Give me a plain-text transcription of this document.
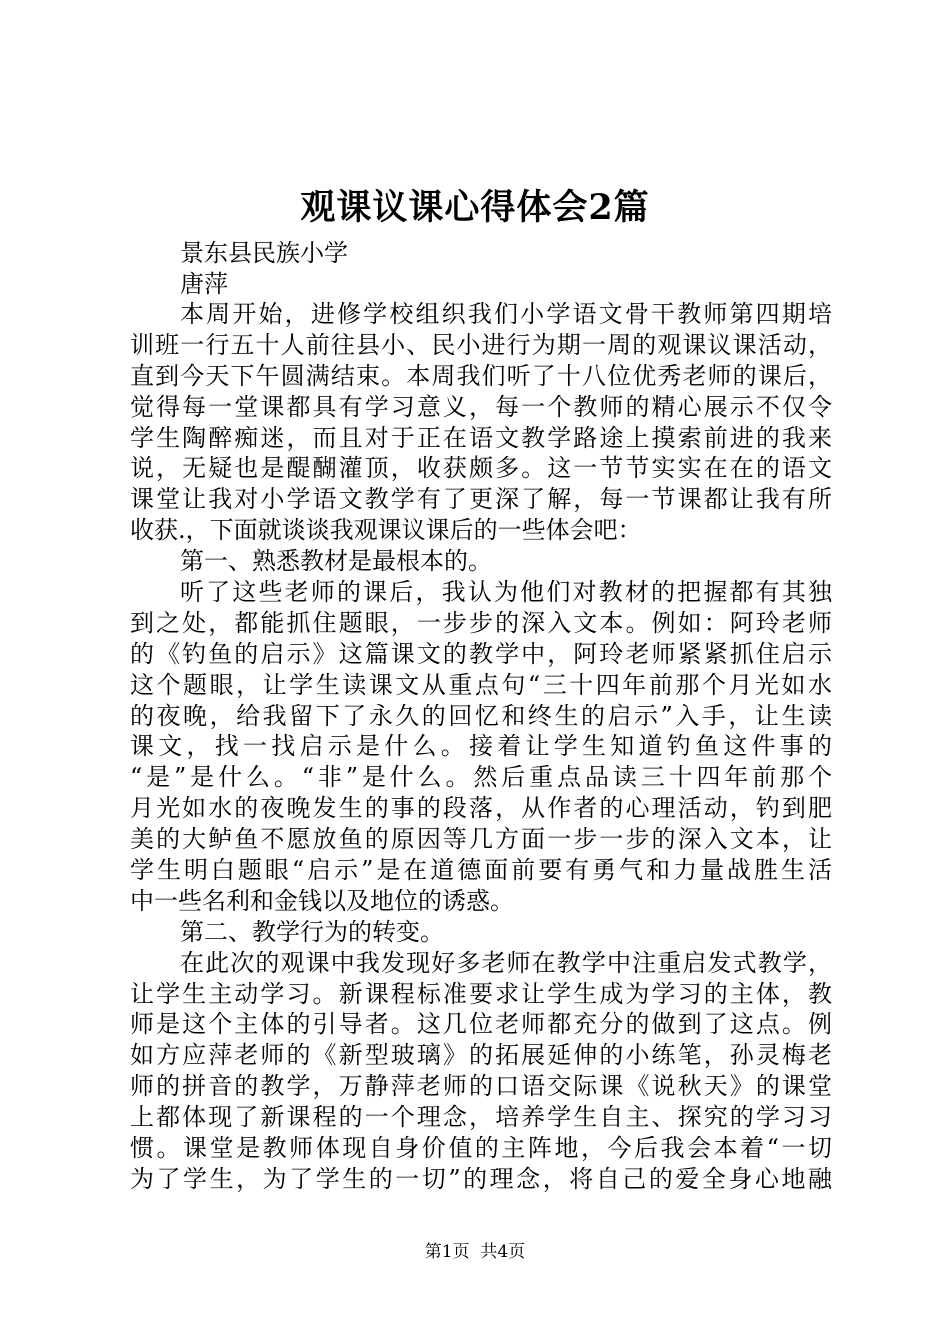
观课议课心得体会2篇
景东县民族小学
唐萍
本周开始，进修学校组织我们小学语文骨干教师第四期培
训班一行五十人前往县小、民小进行为期一周的观课议课活动，
直到今天下午圆满结束。本周我们听了十八位优秀老师的课后，
觉得每一堂课都具有学习意义，每一个教师的精心展示不仅令
学生陶醉痴迷，而且对于正在语文教学路途上摸索前进的我来
说，无疑也是醍醐灌顶，收获颇多。这一节节实实在在的语文
课堂让我对小学语文教学有了更深了解，每一节课都让我有所
收获.，下面就谈谈我观课议课后的一些体会吧：
第一、熟悉教材是最根本的。
听了这些老师的课后，我认为他们对教材的把握都有其独
到之处，都能抓住题眼，一步步的深入文本。例如：阿玲老师
的《钓鱼的启示》这篇课文的教学中，阿玲老师紧紧抓住启示
这个题眼，让学生读课文从重点句“三十四年前那个月光如水
的夜晚，给我留下了永久的回忆和终生的启示”入手，让生读
课文，找一找启示是什么。接着让学生知道钓鱼这件事的
“是”是什么。“非”是什么。然后重点品读三十四年前那个
月光如水的夜晚发生的事的段落，从作者的心理活动，钓到肥
美的大鲈鱼不愿放鱼的原因等几方面一步一步的深入文本，让
学生明白题眼“启示”是在道德面前要有勇气和力量战胜生活
中一些名利和金钱以及地位的诱惑。
第二、教学行为的转变。
在此次的观课中我发现好多老师在教学中注重启发式教学，
让学生主动学习。新课程标准要求让学生成为学习的主体，教
师是这个主体的引导者。这几位老师都充分的做到了这点。例
如方应萍老师的《新型玻璃》的拓展延伸的小练笔，孙灵梅老
师的拼音的教学，万静萍老师的口语交际课《说秋天》的课堂
上都体现了新课程的一个理念，培养学生自主、探究的学习习
惯。课堂是教师体现自身价值的主阵地，今后我会本着“一切
为了学生，为了学生的一切”的理念，将自己的爱全身心地融
第1页  共4页
